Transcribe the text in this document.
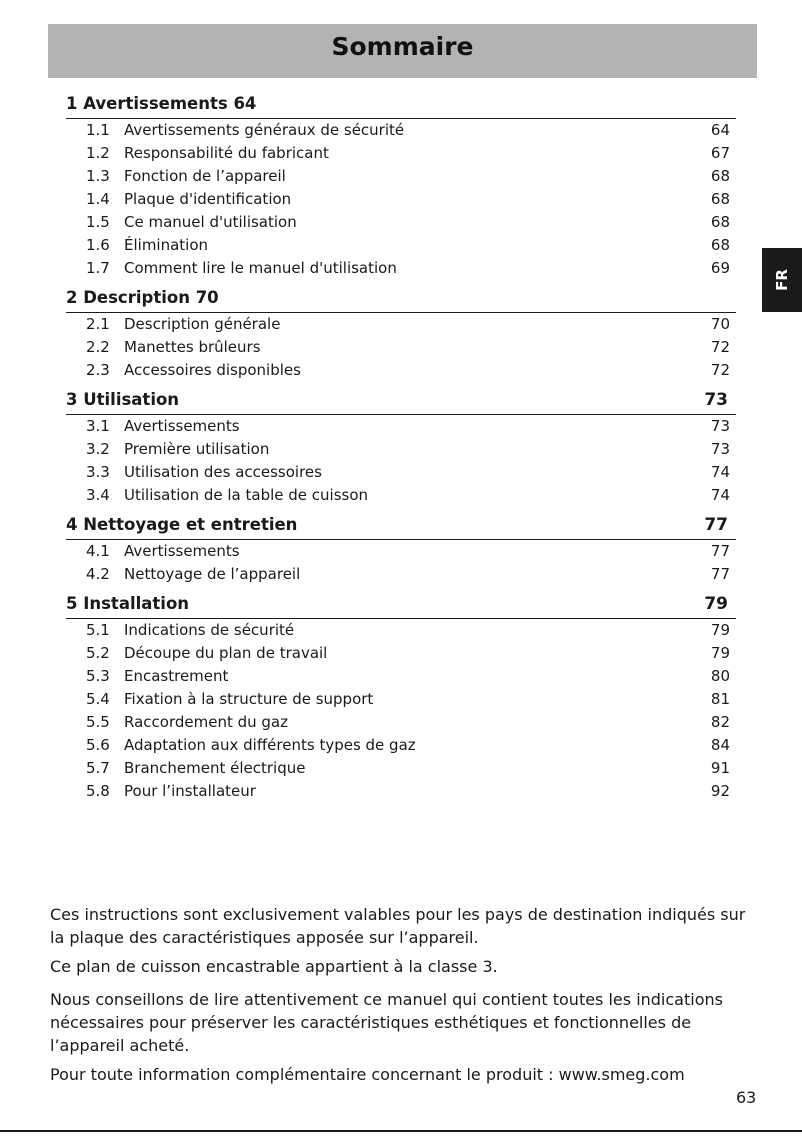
Sommaire
FR
1 Avertissements 64
1.1 Avertissements généraux de sécurité	64
1.2 Responsabilité du fabricant	67
1.3 Fonction de l’appareil	68
1.4 Plaque d'identification	68
1.5 Ce manuel d'utilisation	68
1.6 Élimination	68
1.7 Comment lire le manuel d'utilisation	69
2 Description 70
2.1 Description générale	70
2.2 Manettes brûleurs	72
2.3 Accessoires disponibles	72
3 Utilisation	73
3.1 Avertissements	73
3.2 Première utilisation	73
3.3 Utilisation des accessoires	74
3.4 Utilisation de la table de cuisson	74
4 Nettoyage et entretien	77
4.1 Avertissements	77
4.2 Nettoyage de l’appareil	77
5 Installation	79
5.1 Indications de sécurité	79
5.2 Découpe du plan de travail	79
5.3 Encastrement	80
5.4 Fixation à la structure de support	81
5.5 Raccordement du gaz	82
5.6 Adaptation aux différents types de gaz	84
5.7 Branchement électrique	91
5.8 Pour l’installateur	92
Ces instructions sont exclusivement valables pour les pays de destination indiqués sur la plaque des caractéristiques apposée sur l’appareil.
Ce plan de cuisson encastrable appartient à la classe 3.
Nous conseillons de lire attentivement ce manuel qui contient toutes les indications nécessaires pour préserver les caractéristiques esthétiques et fonctionnelles de l’appareil acheté.
Pour toute information complémentaire concernant le produit : www.smeg.com
63
